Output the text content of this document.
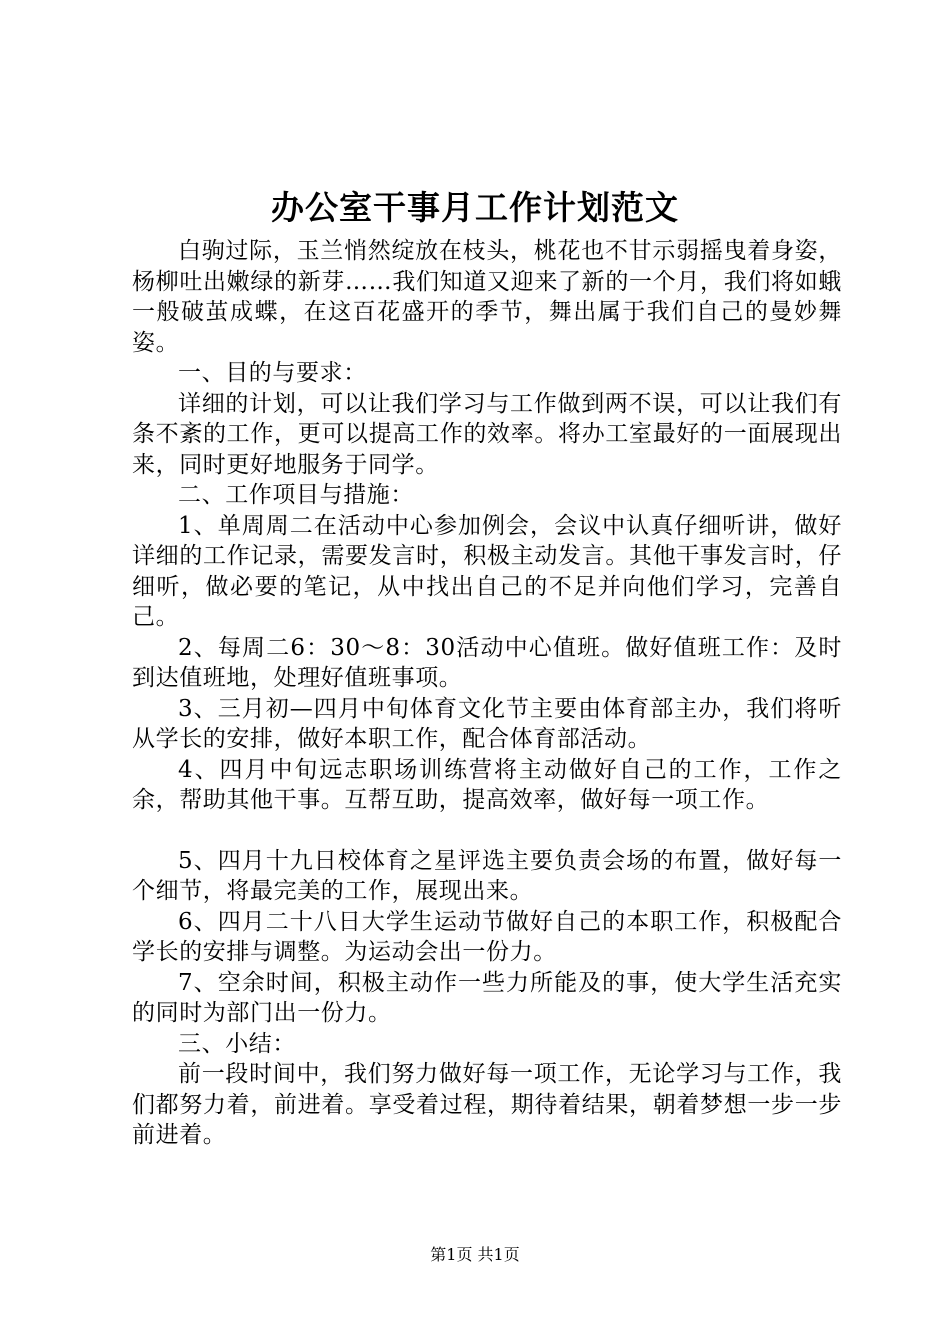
办公室干事月工作计划范文

白驹过际，玉兰悄然绽放在枝头，桃花也不甘示弱摇曳着身姿，杨柳吐出嫩绿的新芽……我们知道又迎来了新的一个月，我们将如蛾一般破茧成蝶，在这百花盛开的季节，舞出属于我们自己的曼妙舞姿。

一、目的与要求：

详细的计划，可以让我们学习与工作做到两不误，可以让我们有条不紊的工作，更可以提高工作的效率。将办工室最好的一面展现出来，同时更好地服务于同学。

二、工作项目与措施：

1、单周周二在活动中心参加例会，会议中认真仔细听讲，做好详细的工作记录，需要发言时，积极主动发言。其他干事发言时，仔细听，做必要的笔记，从中找出自己的不足并向他们学习，完善自己。

2、每周二6：30～8：30活动中心值班。做好值班工作：及时到达值班地，处理好值班事项。

3、三月初—四月中旬体育文化节主要由体育部主办，我们将听从学长的安排，做好本职工作，配合体育部活动。

4、四月中旬远志职场训练营将主动做好自己的工作，工作之余，帮助其他干事。互帮互助，提高效率，做好每一项工作。

5、四月十九日校体育之星评选主要负责会场的布置，做好每一个细节，将最完美的工作，展现出来。

6、四月二十八日大学生运动节做好自己的本职工作，积极配合学长的安排与调整。为运动会出一份力。

7、空余时间，积极主动作一些力所能及的事，使大学生活充实的同时为部门出一份力。

三、小结：

前一段时间中，我们努力做好每一项工作，无论学习与工作，我们都努力着，前进着。享受着过程，期待着结果，朝着梦想一步一步前进着。

第1页 共1页
